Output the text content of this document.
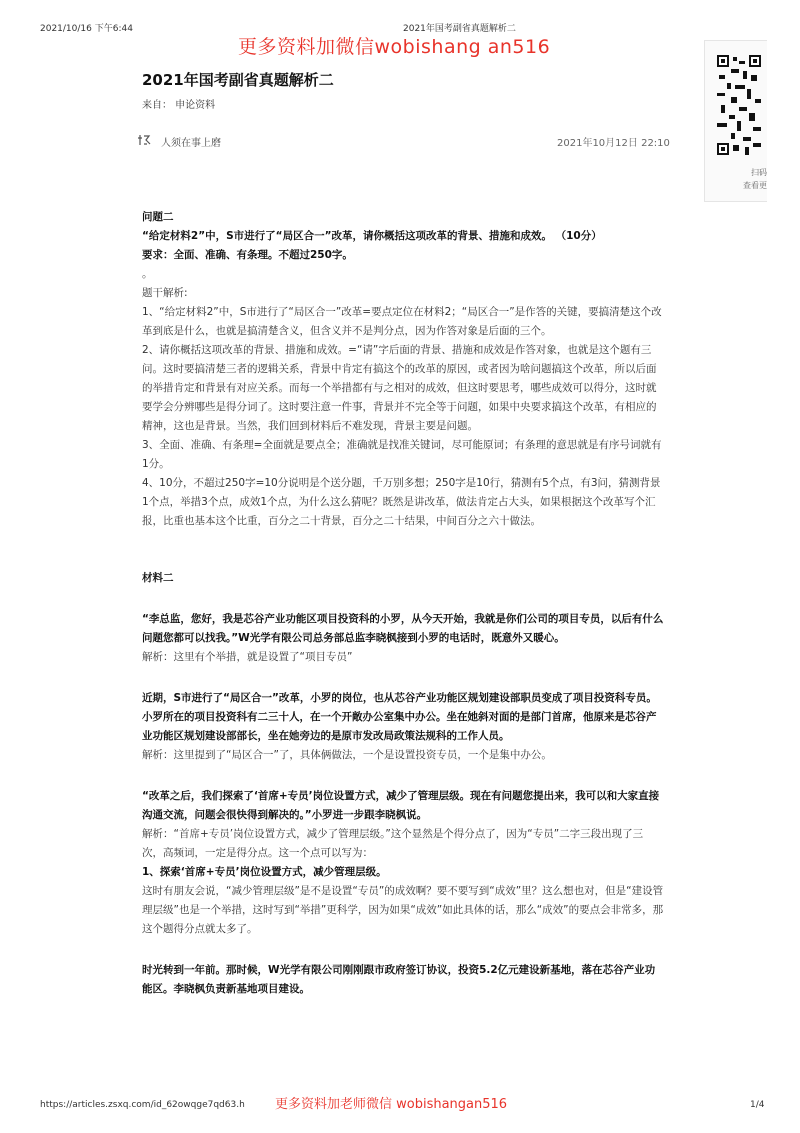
2021/10/16 下午6:44	2021年国考副省真题解析二
更多资料加微信wobishang an516
2021年国考副省真题解析二
来自： 申论资料
人须在事上磨	2021年10月12日 22:10
扫码
查看更

问题二

“给定材料2”中，S市进行了“局区合一”改革，请你概括这项改革的背景、措施和成效。 （10分）

要求：全面、准确、有条理。不超过250字。

。

题干解析:

1、“给定材料2”中，S市进行了“局区合一”改革=要点定位在材料2；“局区合一”是作答的关键，要搞清楚这个改革到底是什么，也就是搞清楚含义，但含义并不是判分点，因为作答对象是后面的三个。

2、请你概括这项改革的背景、措施和成效。=“请”字后面的背景、措施和成效是作答对象，也就是这个题有三问。这时要搞清楚三者的逻辑关系，背景中肯定有搞这个的改革的原因，或者因为啥问题搞这个改革，所以后面的举措肯定和背景有对应关系。而每一个举措都有与之相对的成效，但这时要思考，哪些成效可以得分，这时就要学会分辨哪些是得分词了。这时要注意一件事，背景并不完全等于问题，如果中央要求搞这个改革，有相应的精神，这也是背景。当然，我们回到材料后不难发现，背景主要是问题。

3、全面、准确、有条理=全面就是要点全；准确就是找准关键词，尽可能原词；有条理的意思就是有序号词就有1分。

4、10分，不超过250字=10分说明是个送分题，千万别多想；250字是10行，猜测有5个点，有3问，猜测背景1个点，举措3个点，成效1个点，为什么这么猜呢？既然是讲改革，做法肯定占大头，如果根据这个改革写个汇报，比重也基本这个比重，百分之二十背景，百分之二十结果，中间百分之六十做法。

材料二

“李总监，您好，我是芯谷产业功能区项目投资科的小罗，从今天开始，我就是你们公司的项目专员，以后有什么问题您都可以找我。”W光学有限公司总务部总监李晓枫接到小罗的电话时，既意外又暖心。

解析：这里有个举措，就是设置了“项目专员”

近期，S市进行了“局区合一”改革，小罗的岗位，也从芯谷产业功能区规划建设部职员变成了项目投资科专员。小罗所在的项目投资科有二三十人，在一个开敞办公室集中办公。坐在她斜对面的是部门首席，他原来是芯谷产业功能区规划建设部部长，坐在她旁边的是原市发改局政策法规科的工作人员。

解析：这里提到了“局区合一”了，具体俩做法，一个是设置投资专员，一个是集中办公。

“改革之后，我们探索了‘首席+专员’岗位设置方式，减少了管理层级。现在有问题您提出来，我可以和大家直接沟通交流，问题会很快得到解决的。”小罗进一步跟李晓枫说。

解析：“首席+专员’岗位设置方式，减少了管理层级。”这个显然是个得分点了，因为“专员”二字三段出现了三次，高频词，一定是得分点。这一个点可以写为：

1、探索‘首席+专员’岗位设置方式，减少管理层级。

这时有朋友会说，“减少管理层级”是不是设置“专员”的成效啊？要不要写到“成效”里？这么想也对，但是“建设管理层级”也是一个举措，这时写到“举措”更科学，因为如果“成效”如此具体的话，那么“成效”的要点会非常多，那这个题得分点就太多了。

时光转到一年前。那时候，W光学有限公司刚刚跟市政府签订协议，投资5.2亿元建设新基地，落在芯谷产业功能区。李晓枫负责新基地项目建设。

https://articles.zsxq.com/id_62owqge7qd63.h 更多资料加老师微信 wobishangan516	1/4
